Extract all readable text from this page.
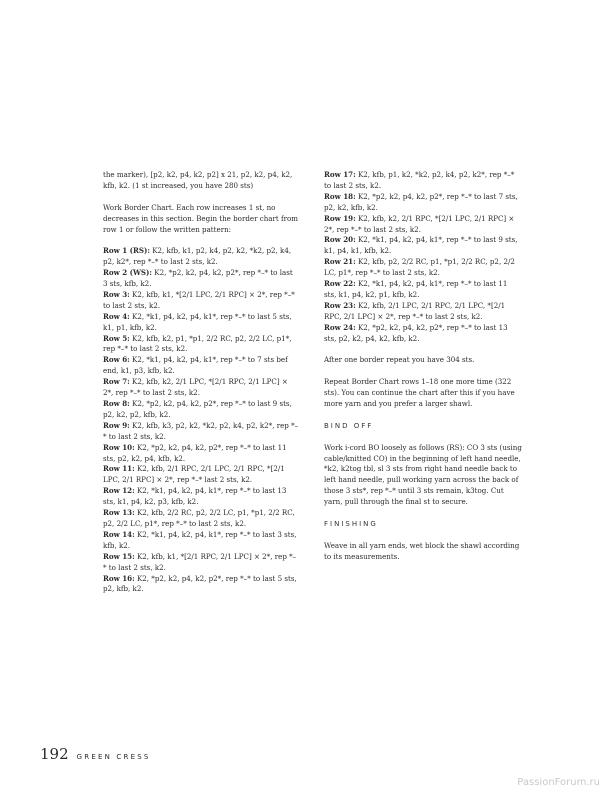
the marker), [p2, k2, p4, k2, p2] x 21, p2, k2, p4, k2, kfb, k2. (1 st increased, you have 280 sts)

Work Border Chart. Each row increases 1 st, no decreases in this section. Begin the border chart from row 1 or follow the written pattern:

Row 1 (RS): K2, kfb, k1, p2, k4, p2, k2, *k2, p2, k4, p2, k2*, rep *–* to last 2 sts, k2.

Row 2 (WS): K2, *p2, k2, p4, k2, p2*, rep *–* to last 3 sts, kfb, k2.

Row 3: K2, kfb, k1, *[2/1 LPC, 2/1 RPC] × 2*, rep *–* to last 2 sts, k2.

Row 4: K2, *k1, p4, k2, p4, k1*, rep *–* to last 5 sts, k1, p1, kfb, k2.

Row 5: K2, kfb, k2, p1, *p1, 2/2 RC, p2, 2/2 LC, p1*, rep *–* to last 2 sts, k2.

Row 6: K2, *k1, p4, k2, p4, k1*, rep *–* to 7 sts bef end, k1, p3, kfb, k2.

Row 7: K2, kfb, k2, 2/1 LPC, *[2/1 RPC, 2/1 LPC] × 2*, rep *–* to last 2 sts, k2.

Row 8: K2, *p2, k2, p4, k2, p2*, rep *–* to last 9 sts, p2, k2, p2, kfb, k2.

Row 9: K2, kfb, k3, p2, k2, *k2, p2, k4, p2, k2*, rep *–* to last 2 sts, k2.

Row 10: K2, *p2, k2, p4, k2, p2*, rep *–* to last 11 sts, p2, k2, p4, kfb, k2.

Row 11: K2, kfb, 2/1 RPC, 2/1 LPC, 2/1 RPC, *[2/1 LPC, 2/1 RPC] × 2*, rep *–* last 2 sts, k2.

Row 12: K2, *k1, p4, k2, p4, k1*, rep *–* to last 13 sts, k1, p4, k2, p3, kfb, k2.

Row 13: K2, kfb, 2/2 RC, p2, 2/2 LC, p1, *p1, 2/2 RC, p2, 2/2 LC, p1*, rep *–* to last 2 sts, k2.

Row 14: K2, *k1, p4, k2, p4, k1*, rep *–* to last 3 sts, kfb, k2.

Row 15: K2, kfb, k1, *[2/1 RPC, 2/1 LPC] × 2*, rep *–* to last 2 sts, k2.

Row 16: K2, *p2, k2, p4, k2, p2*, rep *–* to last 5 sts, p2, kfb, k2.

Row 17: K2, kfb, p1, k2, *k2, p2, k4, p2, k2*, rep *–* to last 2 sts, k2.

Row 18: K2, *p2, k2, p4, k2, p2*, rep *–* to last 7 sts, p2, k2, kfb, k2.

Row 19: K2, kfb, k2, 2/1 RPC, *[2/1 LPC, 2/1 RPC] × 2*, rep *–* to last 2 sts, k2.

Row 20: K2, *k1, p4, k2, p4, k1*, rep *–* to last 9 sts, k1, p4, k1, kfb, k2.

Row 21: K2, kfb, p2, 2/2 RC, p1, *p1, 2/2 RC, p2, 2/2 LC, p1*, rep *–* to last 2 sts, k2.

Row 22: K2, *k1, p4, k2, p4, k1*, rep *–* to last 11 sts, k1, p4, k2, p1, kfb, k2.

Row 23: K2, kfb, 2/1 LPC, 2/1 RPC, 2/1 LPC, *[2/1 RPC, 2/1 LPC] × 2*, rep *–* to last 2 sts, k2.

Row 24: K2, *p2, k2, p4, k2, p2*, rep *–* to last 13 sts, p2, k2, p4, k2, kfb, k2.

After one border repeat you have 304 sts.

Repeat Border Chart rows 1–18 one more time (322 sts). You can continue the chart after this if you have more yarn and you prefer a larger shawl.

BIND OFF

Work i-cord BO loosely as follows (RS): CO 3 sts (using cable/knitted CO) in the beginning of left hand needle, *k2, k2tog tbl, sl 3 sts from right hand needle back to left hand needle, pull working yarn across the back of those 3 sts*, rep *–* until 3 sts remain, k3tog. Cut yarn, pull through the final st to secure.

FINISHING

Weave in all yarn ends, wet block the shawl according to its measurements.

192 GREEN CRESS
PassionForum.ru
